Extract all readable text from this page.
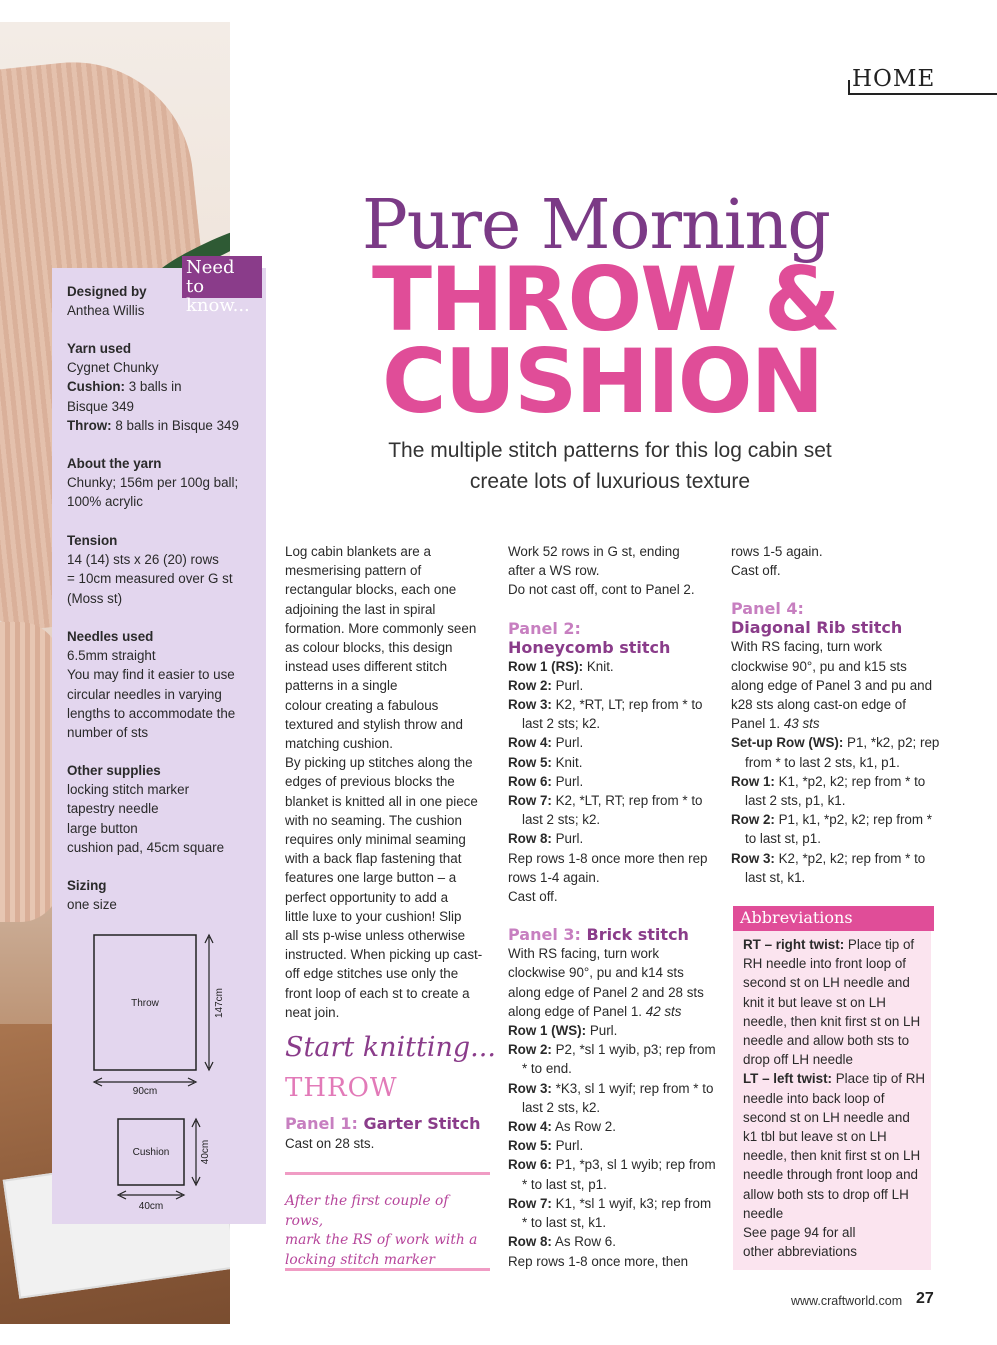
Need to
know...
Designed by
Anthea Willis
Yarn used
Cygnet Chunky
Cushion: 3 balls in
Bisque 349
Throw: 8 balls in Bisque 349
About the yarn
Chunky; 156m per 100g ball;
100% acrylic
Tension
14 (14) sts x 26 (20) rows
= 10cm measured over G st
(Moss st)
Needles used
6.5mm straight
You may find it easier to use
circular needles in varying
lengths to accommodate the
number of sts
Other supplies
locking stitch marker
tapestry needle
large button
cushion pad, 45cm square
Sizing
one size
Throw	147cm
90cm
Cushion	40cm
40cm
HOME
Pure Morning
THROW &
CUSHION
The multiple stitch patterns for this log cabin set
create lots of luxurious texture

Log cabin blankets are a

mesmerising pattern of

rectangular blocks, each one

adjoining the last in spiral

formation. More commonly seen

as colour blocks, this design

instead uses different stitch

patterns in a single

colour creating a fabulous

textured and stylish throw and

matching cushion.

By picking up stitches along the

edges of previous blocks the

blanket is knitted all in one piece

with no seaming. The cushion

requires only minimal seaming

with a back flap fastening that

features one large button – a

perfect opportunity to add a

little luxe to your cushion! Slip

all sts p-wise unless otherwise

instructed. When picking up cast-

off edge stitches use only the

front loop of each st to create a

neat join.

Start knitting...
THROW
Panel 1: Garter Stitch
Cast on 28 sts.
After the first couple of rows,
mark the RS of work with a
locking stitch marker

Work 52 rows in G st, ending

after a WS row.

Do not cast off, cont to Panel 2.

Panel 2:
Honeycomb stitch

Row 1 (RS): Knit.

Row 2: Purl.

Row 3: K2, *RT, LT; rep from * to last 2 sts; k2.

Row 4: Purl.

Row 5: Knit.

Row 6: Purl.

Row 7: K2, *LT, RT; rep from * to last 2 sts; k2.

Row 8: Purl.

Rep rows 1-8 once more then rep

rows 1-4 again.

Cast off.

Panel 3: Brick stitch

With RS facing, turn work

clockwise 90°, pu and k14 sts

along edge of Panel 2 and 28 sts

along edge of Panel 1. 42 sts

Row 1 (WS): Purl.

Row 2: P2, *sl 1 wyib, p3; rep from * to end.

Row 3: *K3, sl 1 wyif; rep from * to last 2 sts, k2.

Row 4: As Row 2.

Row 5: Purl.

Row 6: P1, *p3, sl 1 wyib; rep from * to last st, p1.

Row 7: K1, *sl 1 wyif, k3; rep from * to last st, k1.

Row 8: As Row 6.

Rep rows 1-8 once more, then

rows 1-5 again.

Cast off.

Panel 4:
Diagonal Rib stitch

With RS facing, turn work

clockwise 90°, pu and k15 sts

along edge of Panel 3 and pu and

k28 sts along cast-on edge of

Panel 1. 43 sts

Set-up Row (WS): P1, *k2, p2; rep from * to last 2 sts, k1, p1.

Row 1: K1, *p2, k2; rep from * to last 2 sts, p1, k1.

Row 2: P1, k1, *p2, k2; rep from * to last st, p1.

Row 3: K2, *p2, k2; rep from * to last st, k1.

Abbreviations

RT – right twist: Place tip of RH needle into front loop of second st on LH needle and knit it but leave st on LH needle, then knit first st on LH needle and allow both sts to drop off LH needle

LT – left twist: Place tip of RH needle into back loop of second st on LH needle and k1 tbl but leave st on LH needle, then knit first st on LH needle through front loop and allow both sts to drop off LH needle

See page 94 for all

other abbreviations

www.craftworld.com 27
